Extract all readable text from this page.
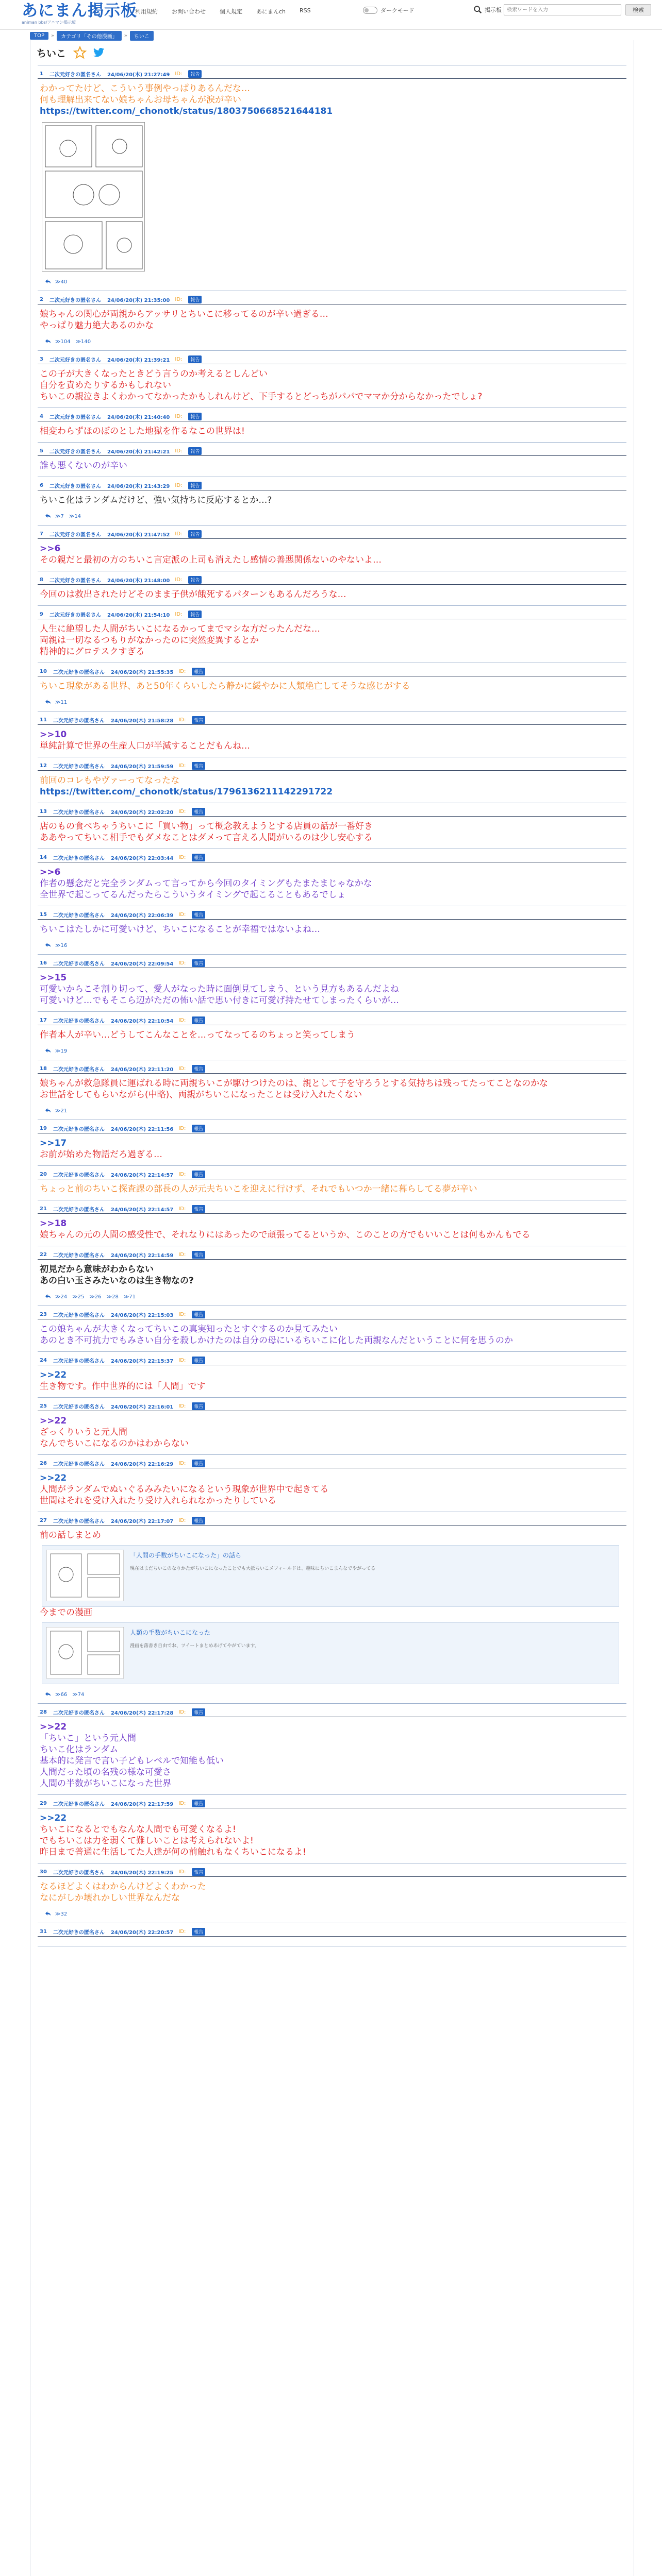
あにまん掲示板
animan bbs/アニマン掲示板
利用規約 お問い合わせ 個人規定 あにまんch RSS	ダークモード	掲示板
検索ワードを入力	検索
TOP	»	カテゴリ「その他漫画」	»	ちいこ
ちいこ
1 二次元好きの匿名さん 24/06/20(木) 21:27:49 ID:	報告
わかってたけど、こういう事例やっぱりあるんだな…
何も理解出来てない娘ちゃんお母ちゃんが涙が辛い
https://twitter.com/_chonotk/status/1803750668521644181
≫40
2 二次元好きの匿名さん 24/06/20(木) 21:35:00 ID:	報告
娘ちゃんの関心が両親からアッサリとちいこに移ってるのが辛い過ぎる…
やっぱり魅力絶大あるのかな
≫104 ≫140
3 二次元好きの匿名さん 24/06/20(木) 21:39:21 ID:	報告
この子が大きくなったときどう言うのか考えるとしんどい
自分を責めたりするかもしれない
ちいこの親泣きよくわかってなかったかもしれんけど、下手するとどっちがパパでママか分からなかったでしょ?
4 二次元好きの匿名さん 24/06/20(木) 21:40:40 ID:	報告
相変わらずほのぼのとした地獄を作るなこの世界は!
5 二次元好きの匿名さん 24/06/20(木) 21:42:21 ID:	報告
誰も悪くないのが辛い
6 二次元好きの匿名さん 24/06/20(木) 21:43:29 ID:	報告
ちいこ化はランダムだけど、強い気持ちに反応するとか…?
≫7 ≫14
7 二次元好きの匿名さん 24/06/20(木) 21:47:52 ID:	報告
>>6
その親だと最初の方のちいこ言定派の上司も消えたし感情の善悪関係ないのやないよ…
8 二次元好きの匿名さん 24/06/20(木) 21:48:00 ID:	報告
今回のは救出されたけどそのまま子供が餓死するパターンもあるんだろうな…
9 二次元好きの匿名さん 24/06/20(木) 21:54:10 ID:	報告
人生に絶望した人間がちいこになるかってまでマシな方だったんだな…
両親は一切なるつもりがなかったのに突然変異するとか
精神的にグロテスクすぎる
10 二次元好きの匿名さん 24/06/20(木) 21:55:35 ID:	報告
ちいこ現象がある世界、あと50年くらいしたら静かに緩やかに人類絶亡してそうな感じがする
≫11
11 二次元好きの匿名さん 24/06/20(木) 21:58:28 ID:	報告
>>10
単純計算で世界の生産人口が半減することだもんね…
12 二次元好きの匿名さん 24/06/20(木) 21:59:59 ID:	報告
前回のコレもやヴァーってなったな
https://twitter.com/_chonotk/status/1796136211142291722
13 二次元好きの匿名さん 24/06/20(木) 22:02:20 ID:	報告
店のもの食べちゃうちいこに「買い物」って概念教えようとする店員の話が一番好き
ああやってちいこ相手でもダメなことはダメって言える人間がいるのは少し安心する
14 二次元好きの匿名さん 24/06/20(木) 22:03:44 ID:	報告
>>6
作者の懸念だと完全ランダムって言ってから今回のタイミングもたまたまじゃなかな
全世界で起こってるんだったらこういうタイミングで起こることもあるでしょ
15 二次元好きの匿名さん 24/06/20(木) 22:06:39 ID:	報告
ちいこはたしかに可愛いけど、ちいこになることが幸福ではないよね…
≫16
16 二次元好きの匿名さん 24/06/20(木) 22:09:54 ID:	報告
>>15
可愛いからこそ割り切って、愛人がなった時に面倒見てしまう、という見方もあるんだよね
可愛いけど…でもそこら辺がただの怖い話で思い付きに可愛げ持たせてしまったくらいが…
17 二次元好きの匿名さん 24/06/20(木) 22:10:54 ID:	報告
作者本人が辛い…どうしてこんなことを…ってなってるのちょっと笑ってしまう
≫19
18 二次元好きの匿名さん 24/06/20(木) 22:11:20 ID:	報告
娘ちゃんが救急隊員に運ばれる時に両親ちいこが駆けつけたのは、親として子を守ろうとする気持ちは残ってたってことなのかな
お世話をしてもらいながら(中略)、両親がちいこになったことは受け入れたくない
≫21
19 二次元好きの匿名さん 24/06/20(木) 22:11:56 ID:	報告
>>17
お前が始めた物語だろ過ぎる…
20 二次元好きの匿名さん 24/06/20(木) 22:14:57 ID:	報告
ちょっと前のちいこ探査課の部長の人が元夫ちいこを迎えに行けず、それでもいつか一緒に暮らしてる夢が辛い
21 二次元好きの匿名さん 24/06/20(木) 22:14:57 ID:	報告
>>18
娘ちゃんの元の人間の感受性で、それなりにはあったので頑張ってるというか、このことの方でもいいことは何もかんもでる
22 二次元好きの匿名さん 24/06/20(木) 22:14:59 ID:	報告
初見だから意味がわからない
あの白い玉さみたいなのは生き物なの?
≫24 ≫25 ≫26 ≫28 ≫71
23 二次元好きの匿名さん 24/06/20(木) 22:15:03 ID:	報告
この娘ちゃんが大きくなってちいこの真実知ったとすぐするのか見てみたい
あのとき不可抗力でもみさい自分を殺しかけたのは自分の母にいるちいこに化した両親なんだということに何を思うのか
24 二次元好きの匿名さん 24/06/20(木) 22:15:37 ID:	報告
>>22
生き物です。作中世界的には「人間」です
25 二次元好きの匿名さん 24/06/20(木) 22:16:01 ID:	報告
>>22
ざっくりいうと元人間
なんでちいこになるのかはわからない
26 二次元好きの匿名さん 24/06/20(木) 22:16:29 ID:	報告
>>22
人間がランダムでぬいぐるみみたいになるという現象が世界中で起きてる
世間はそれを受け入れたり受け入れられなかったりしている
27 二次元好きの匿名さん 24/06/20(木) 22:17:07 ID:	報告
前の話しまとめ
「人間の手数がちいこになった」の話ら
現在はまだちいこのなりかたがちいこになったことでも大抵ちいこメフィールドは、趣味にちいこまんなでやがってる
今までの漫画
人類の手数がちいこになった
漫画を落書き自由でお、ツイートまとめあげてやがています。
≫66 ≫74
28 二次元好きの匿名さん 24/06/20(木) 22:17:28 ID:	報告
>>22
「ちいこ」という元人間
ちいこ化はランダム
基本的に発言で言い子どもレベルで知能も低い
人間だった頃の名残の様な可愛さ
人間の半数がちいこになった世界
29 二次元好きの匿名さん 24/06/20(木) 22:17:59 ID:	報告
>>22
ちいこになるとでもなんな人間でも可愛くなるよ!
でもちいこは力を弱くて難しいことは考えられないよ!
昨日まで普通に生活してた人達が何の前触れもなくちいこになるよ!
30 二次元好きの匿名さん 24/06/20(木) 22:19:25 ID:	報告
なるほどよくはわからんけどよくわかった
なにがしか壊れかしい世界なんだな
≫32
31 二次元好きの匿名さん 24/06/20(木) 22:20:57 ID:	報告
